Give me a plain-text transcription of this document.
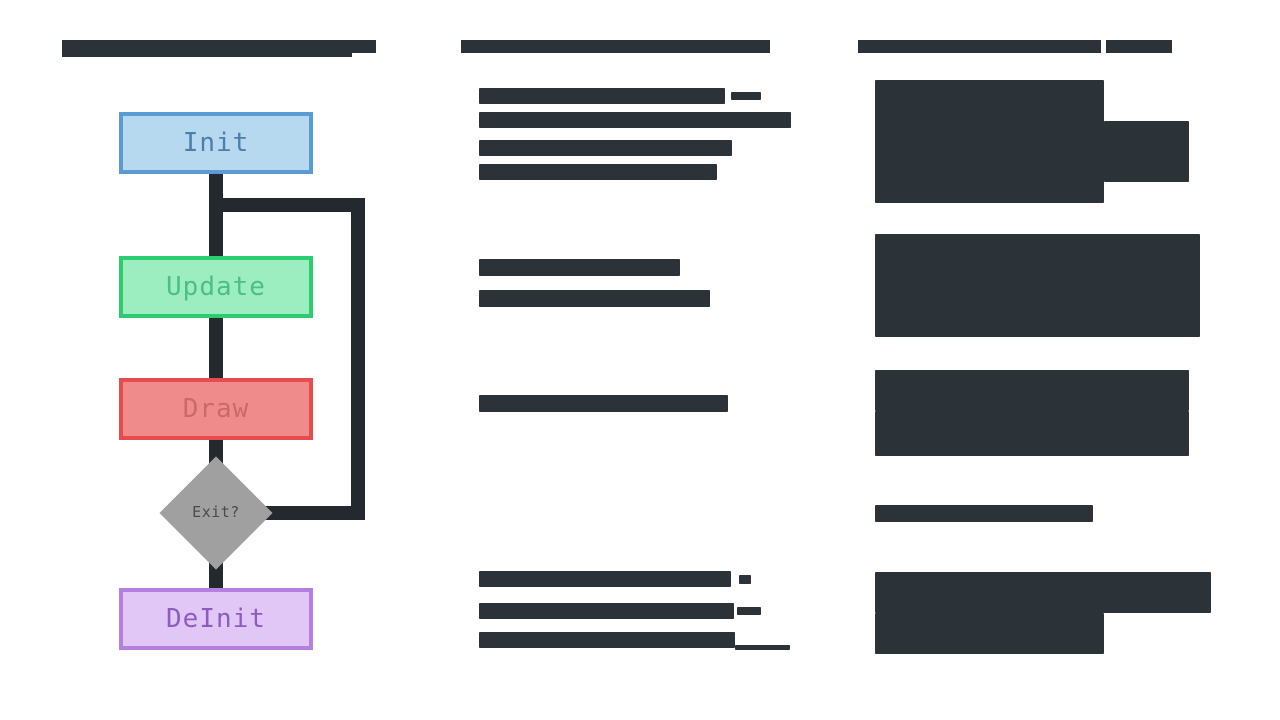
Init
Update
Draw
Exit?
DeInit
